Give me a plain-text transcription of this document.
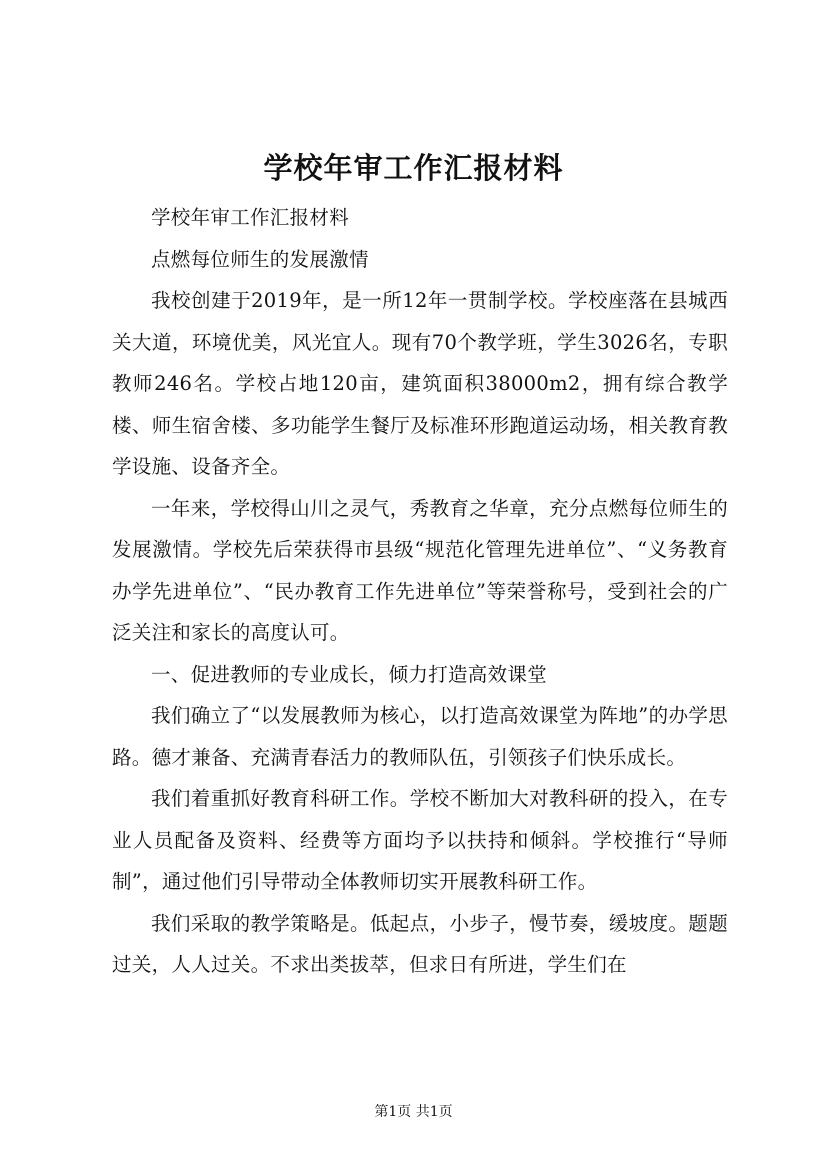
学校年审工作汇报材料

学校年审工作汇报材料

点燃每位师生的发展激情

我校创建于2019年，是一所12年一贯制学校。学校座落在县城西关大道，环境优美，风光宜人。现有70个教学班，学生3026名，专职教师246名。学校占地120亩，建筑面积38000m2，拥有综合教学楼、师生宿舍楼、多功能学生餐厅及标准环形跑道运动场，相关教育教学设施、设备齐全。

一年来，学校得山川之灵气，秀教育之华章，充分点燃每位师生的发展激情。学校先后荣获得市县级“规范化管理先进单位”、“义务教育办学先进单位”、“民办教育工作先进单位”等荣誉称号，受到社会的广泛关注和家长的高度认可。

一、促进教师的专业成长，倾力打造高效课堂

我们确立了“以发展教师为核心，以打造高效课堂为阵地”的办学思路。德才兼备、充满青春活力的教师队伍，引领孩子们快乐成长。

我们着重抓好教育科研工作。学校不断加大对教科研的投入，在专业人员配备及资料、经费等方面均予以扶持和倾斜。学校推行“导师制”，通过他们引导带动全体教师切实开展教科研工作。

我们采取的教学策略是。低起点，小步子，慢节奏，缓坡度。题题过关，人人过关。不求出类拔萃，但求日有所进，学生们在

第1页 共1页
